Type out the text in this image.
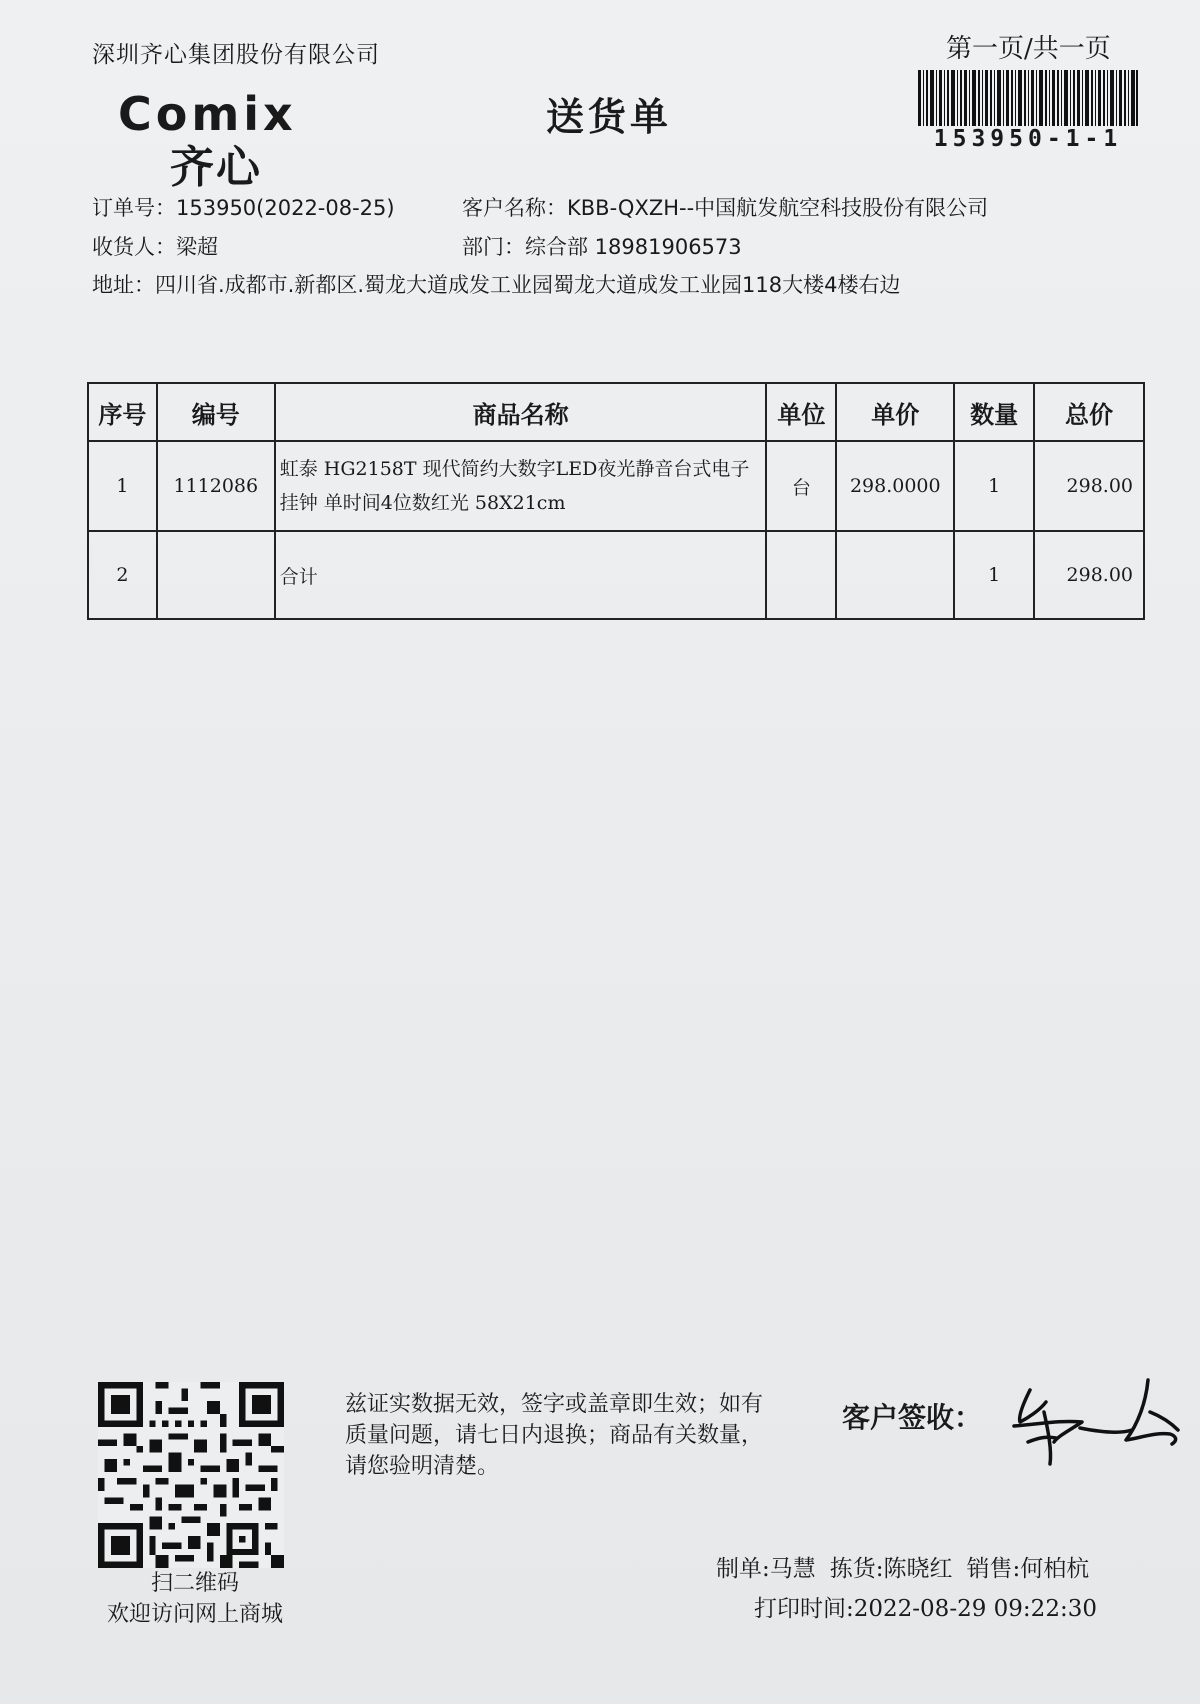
深圳齐心集团股份有限公司	第一页/共一页
153950-1-1
Comix
齐心
送货单
订单号：153950(2022-08-25)	客户名称：KBB-QXZH--中国航发航空科技股份有限公司
收货人：梁超	部门：综合部 18981906573
地址：四川省.成都市.新都区.蜀龙大道成发工业园蜀龙大道成发工业园118大楼4楼右边
序号	编号	商品名称	单位	单价	数量	总价
1	1112086	虹泰 HG2158T 现代简约大数字LED夜光静音台式电子挂钟 单时间4位数红光 58X21cm	台	298.0000	1	298.00
2		合计			1	298.00
扫二维码
欢迎访问网上商城
兹证实数据无效，签字或盖章即生效；如有质量问题，请七日内退换；商品有关数量，请您验明清楚。
客户签收：
制单:马慧 拣货:陈晓红 销售:何柏杭
打印时间:2022-08-29 09:22:30
